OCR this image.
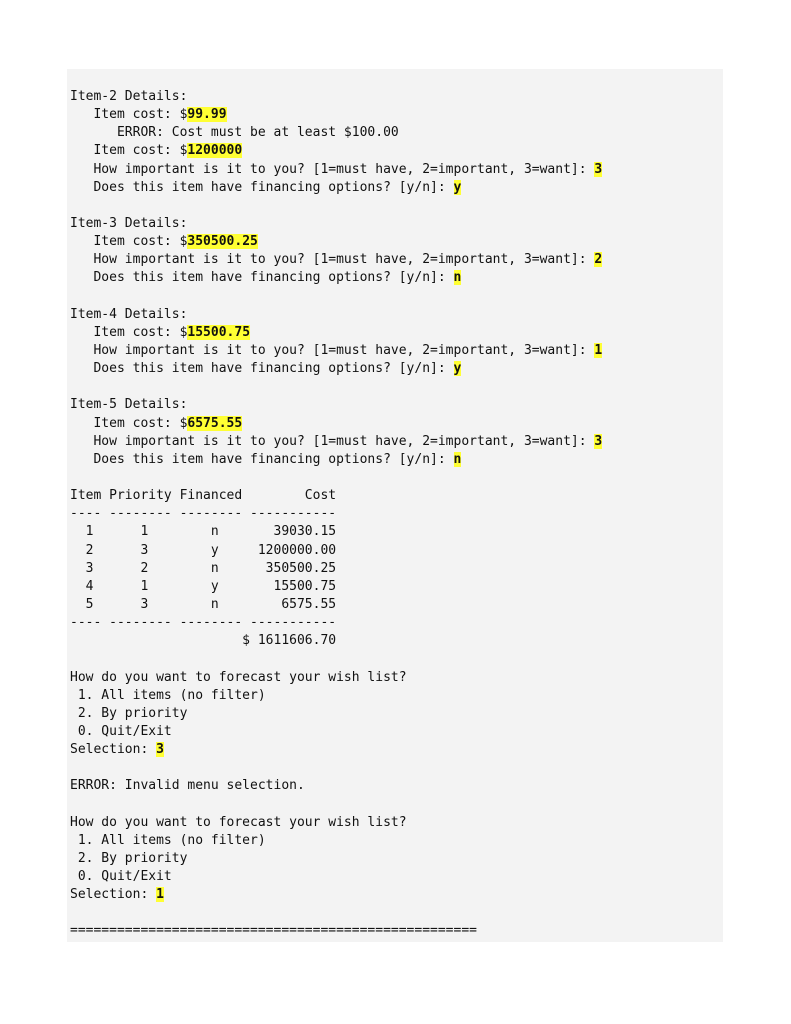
Item-2 Details:
Item cost: $99.99
ERROR: Cost must be at least $100.00
Item cost: $1200000
How important is it to you? [1=must have, 2=important, 3=want]: 3
Does this item have financing options? [y/n]: y
Item-3 Details:
Item cost: $350500.25
How important is it to you? [1=must have, 2=important, 3=want]: 2
Does this item have financing options? [y/n]: n
Item-4 Details:
Item cost: $15500.75
How important is it to you? [1=must have, 2=important, 3=want]: 1
Does this item have financing options? [y/n]: y
Item-5 Details:
Item cost: $6575.55
How important is it to you? [1=must have, 2=important, 3=want]: 3
Does this item have financing options? [y/n]: n
Item Priority Financed        Cost
---- -------- -------- -----------
1      1        n       39030.15
2      3        y     1200000.00
3      2        n      350500.25
4      1        y       15500.75
5      3        n        6575.55
---- -------- -------- -----------
$ 1611606.70
How do you want to forecast your wish list?
1. All items (no filter)
2. By priority
0. Quit/Exit
Selection: 3
ERROR: Invalid menu selection.
How do you want to forecast your wish list?
1. All items (no filter)
2. By priority
0. Quit/Exit
Selection: 1
====================================================
